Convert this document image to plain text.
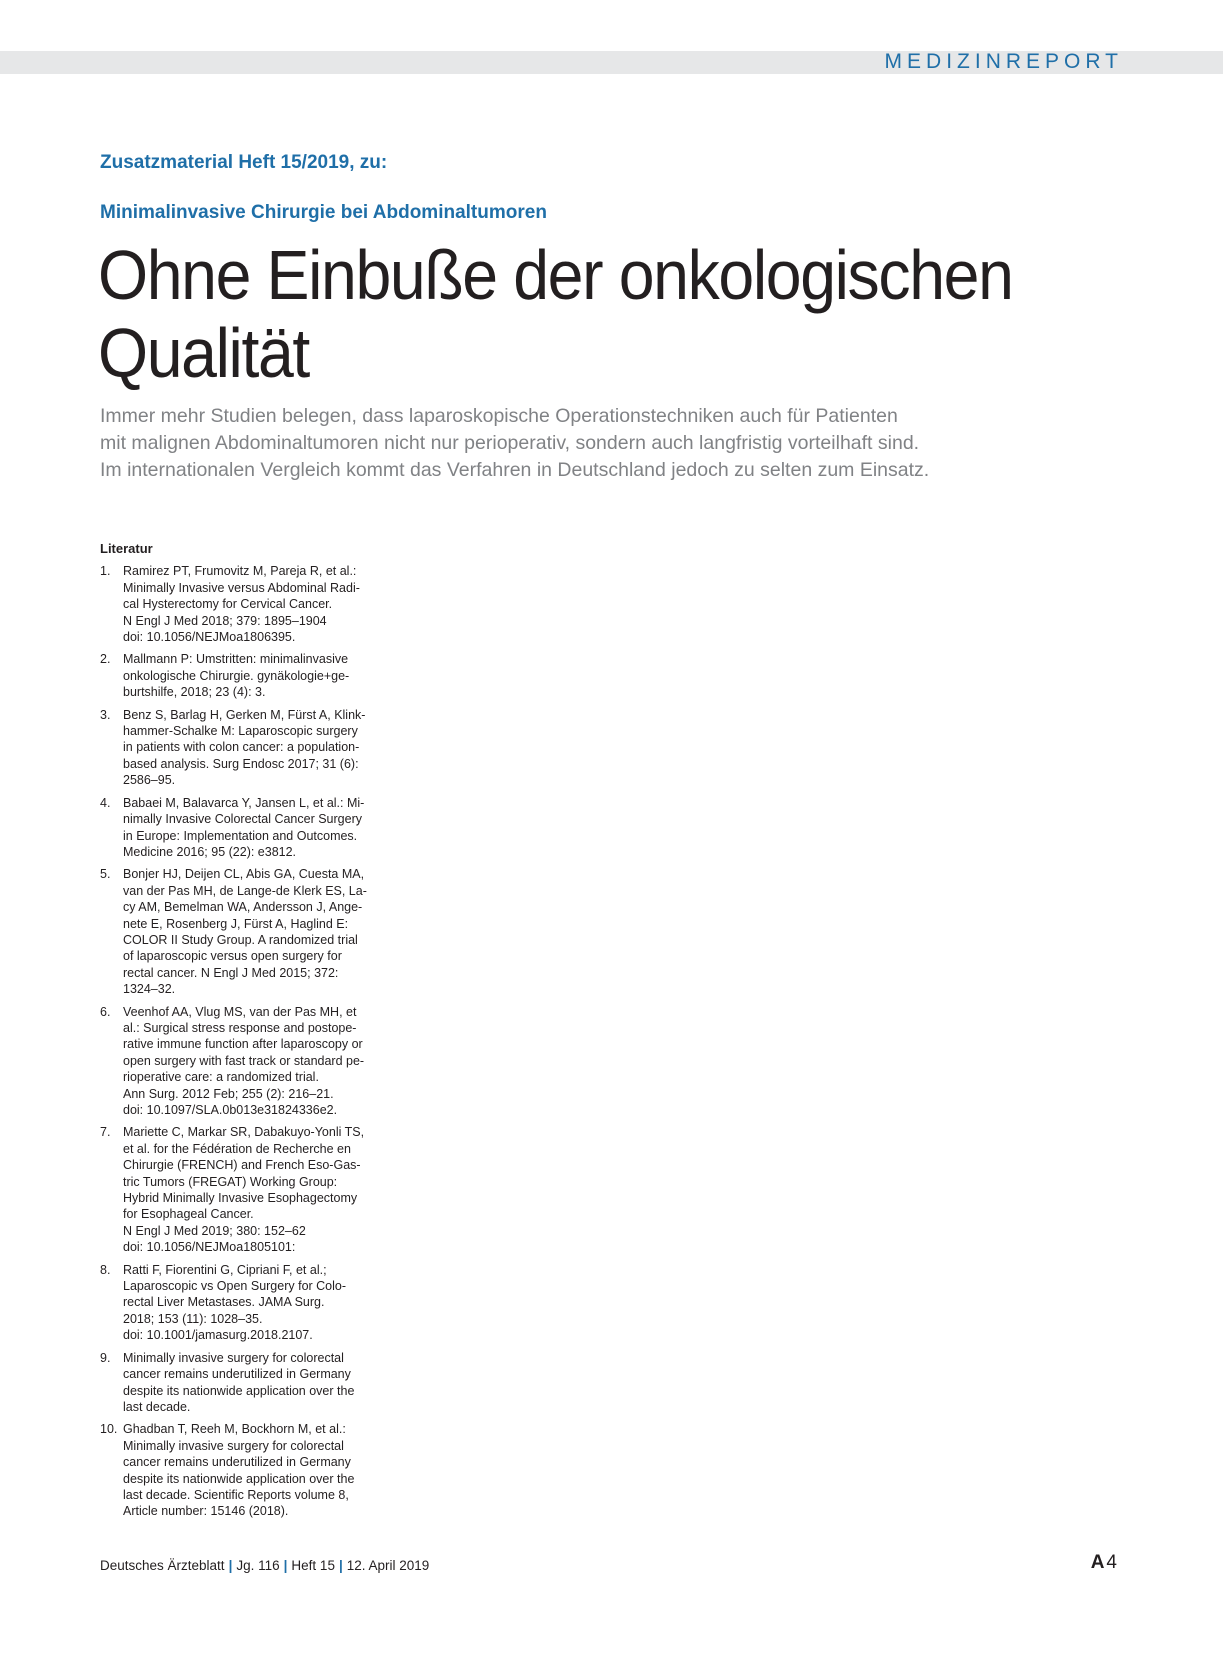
MEDIZINREPORT
Zusatzmaterial Heft 15/2019, zu:
Minimalinvasive Chirurgie bei Abdominaltumoren
Ohne Einbuße der onkologischen
Qualität
Immer mehr Studien belegen, dass laparoskopische Operationstechniken auch für Patienten
mit malignen Abdominaltumoren nicht nur perioperativ, sondern auch langfristig vorteilhaft sind.
Im internationalen Vergleich kommt das Verfahren in Deutschland jedoch zu selten zum Einsatz.
Literatur
1.	Ramirez PT, Frumovitz M, Pareja R, et al.:
Minimally Invasive versus Abdominal Radi-
cal Hysterectomy for Cervical Cancer.
N Engl J Med 2018; 379: 1895–1904
doi: 10.1056/NEJMoa1806395.
2.	Mallmann P: Umstritten: minimalinvasive
onkologische Chirurgie. gynäkologie+ge-
burtshilfe, 2018; 23 (4): 3.
3.	Benz S, Barlag H, Gerken M, Fürst A, Klink-
hammer-Schalke M: Laparoscopic surgery
in patients with colon cancer: a population-
based analysis. Surg Endosc 2017; 31 (6):
2586–95.
4.	Babaei M, Balavarca Y, Jansen L, et al.: Mi-
nimally Invasive Colorectal Cancer Surgery
in Europe: Implementation and Outcomes.
Medicine 2016; 95 (22): e3812.
5.	Bonjer HJ, Deijen CL, Abis GA, Cuesta MA,
van der Pas MH, de Lange-de Klerk ES, La-
cy AM, Bemelman WA, Andersson J, Ange-
nete E, Rosenberg J, Fürst A, Haglind E:
COLOR II Study Group. A randomized trial
of laparoscopic versus open surgery for
rectal cancer. N Engl J Med 2015; 372:
1324–32.
6.	Veenhof AA, Vlug MS, van der Pas MH, et
al.: Surgical stress response and postope-
rative immune function after laparoscopy or
open surgery with fast track or standard pe-
rioperative care: a randomized trial.
Ann Surg. 2012 Feb; 255 (2): 216–21.
doi: 10.1097/SLA.0b013e31824336e2.
7.	Mariette C, Markar SR, Dabakuyo-Yonli TS,
et al. for the Fédération de Recherche en
Chirurgie (FRENCH) and French Eso-Gas-
tric Tumors (FREGAT) Working Group:
Hybrid Minimally Invasive Esophagectomy
for Esophageal Cancer.
N Engl J Med 2019; 380: 152–62
doi: 10.1056/NEJMoa1805101:
8.	Ratti F, Fiorentini G, Cipriani F, et al.;
Laparoscopic vs Open Surgery for Colo-
rectal Liver Metastases. JAMA Surg.
2018; 153 (11): 1028–35.
doi: 10.1001/jamasurg.2018.2107.
9.	Minimally invasive surgery for colorectal
cancer remains underutilized in Germany
despite its nationwide application over the
last decade.
10. Ghadban T, Reeh M, Bockhorn M, et al.:
Minimally invasive surgery for colorectal
cancer remains underutilized in Germany
despite its nationwide application over the
last decade. Scientific Reports volume 8,
Article number: 15146 (2018).
Deutsches Ärzteblatt | Jg. 116 | Heft 15 | 12. April 2019	A 4
